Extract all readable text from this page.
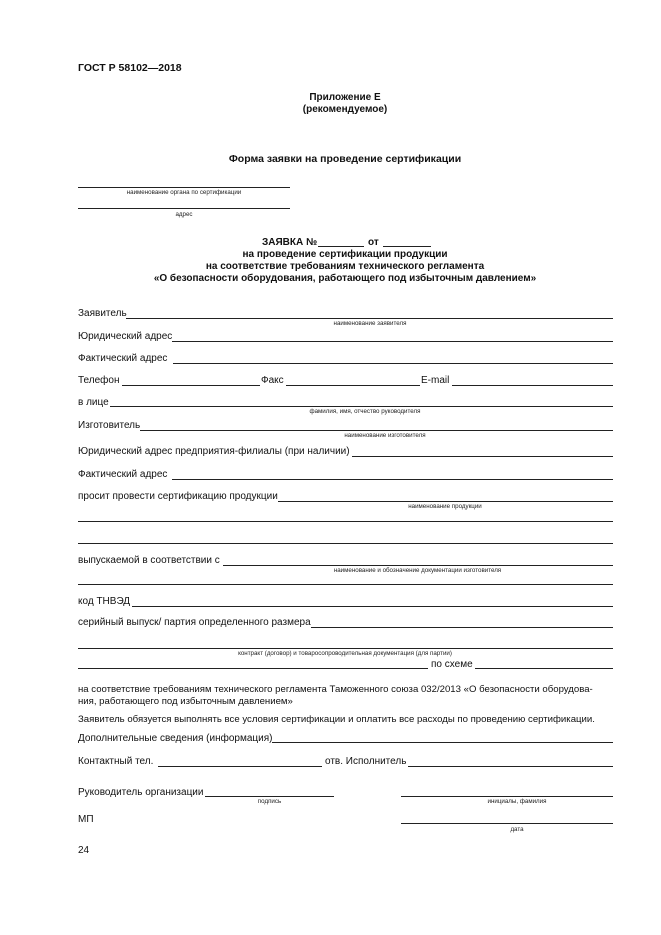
ГОСТ Р 58102—2018
Приложение Е
(рекомендуемое)
Форма заявки на проведение сертификации
наименование органа по сертификации
адрес
ЗАЯВКА №	от
на проведение сертификации продукции
на соответствие требованиям технического регламента
«О безопасности оборудования, работающего под избыточным давлением»
Заявитель
наименование заявителя
Юридический адрес
Фактический адрес
Телефон	Факс	E-mail
в лице
фамилия, имя, отчество руководителя
Изготовитель
наименование изготовителя
Юридический адрес предприятия-филиалы (при наличии)
Фактический адрес
просит провести сертификацию продукции
наименование продукции
выпускаемой в соответствии с
наименование и обозначение документации изготовителя
код ТНВЭД
серийный выпуск/ партия определенного размера
контракт (договор) и товаросопроводительная документация (для партии)
по схеме
на соответствие требованиям технического регламента Таможенного союза 032/2013 «О безопасности оборудова-
ния, работающего под избыточным давлением»
Заявитель обязуется выполнять все условия сертификации и оплатить все расходы по проведению сертификации.
Дополнительные сведения (информация)
Контактный тел.	отв. Исполнитель
Руководитель организации
подпись	инициалы, фамилия
МП
дата
24
